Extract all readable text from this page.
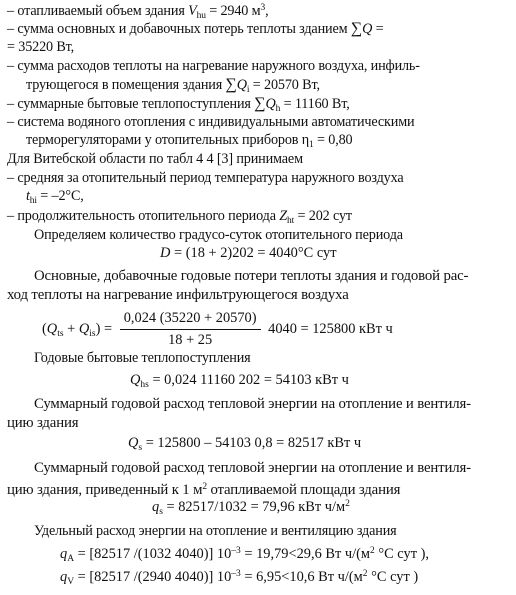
– отапливаемый объем здания $V_{hu} = 2940$ $м^3$,
– сумма основных и добавочных потерь теплоты зданием ∑Q =
= 35220 Вт,
– сумма расходов теплоты на нагревание наружного воздуха, инфиль-
трующегося в помещения здания $\sum Q_i = 20570$ Вт,
– суммарные бытовые теплопоступления $\sum Q_h = 11160$ Вт,
– система водяного отопления с индивидуальными автоматическими
терморегуляторами у отопительных приборов $\eta_1 = 0,80$
Для Витебской области по табл 4 4 [3] принимаем
– средняя за отопительный период температура наружного воздуха
$t_{hi} = -2^\circ С$,
– продолжительность отопительного периода $Z_{ht} = 202$ сут
Определяем количество градусо-суток отопительного периода
D = (18 + 2)202 = 4040°С сут
Основные, добавочные годовые потери теплоты здания и годовой рас-
ход теплоты на нагревание инфильтрующегося воздуха
$(Q_{ts} + Q_{is}) = \frac{0,024 (35220 + 20570)}{18 + 25} 4040 = 125800$ кВт ч
Годовые бытовые теплопоступления
$Q_{hs} = 0,024$ 11160 202 = 54103 кВт ч
Суммарный годовой расход тепловой энергии на отопление и вентиля-
цию здания
$Q_s = 125800 - 54103$ 0,8 = 82517 кВт ч
Суммарный годовой расход тепловой энергии на отопление и вентиля-
цию здания, приведенный к 1 $м^2$ отапливаемой площади здания
$q_s = 82517/1032 = 79,96$ кВт $ч/м^2$
Удельный расход энергии на отопление и вентиляцию здания
$q_A = [82517$ /(1032 4040)] $10^{-3} = 19,79<29,6$ Вт $ч/(м^2$ °С сут ),
$q_V = [82517$ /(2940 4040)] $10^{-3} = 6,95<10,6$ Вт $ч/(м^2$ °С сут )
